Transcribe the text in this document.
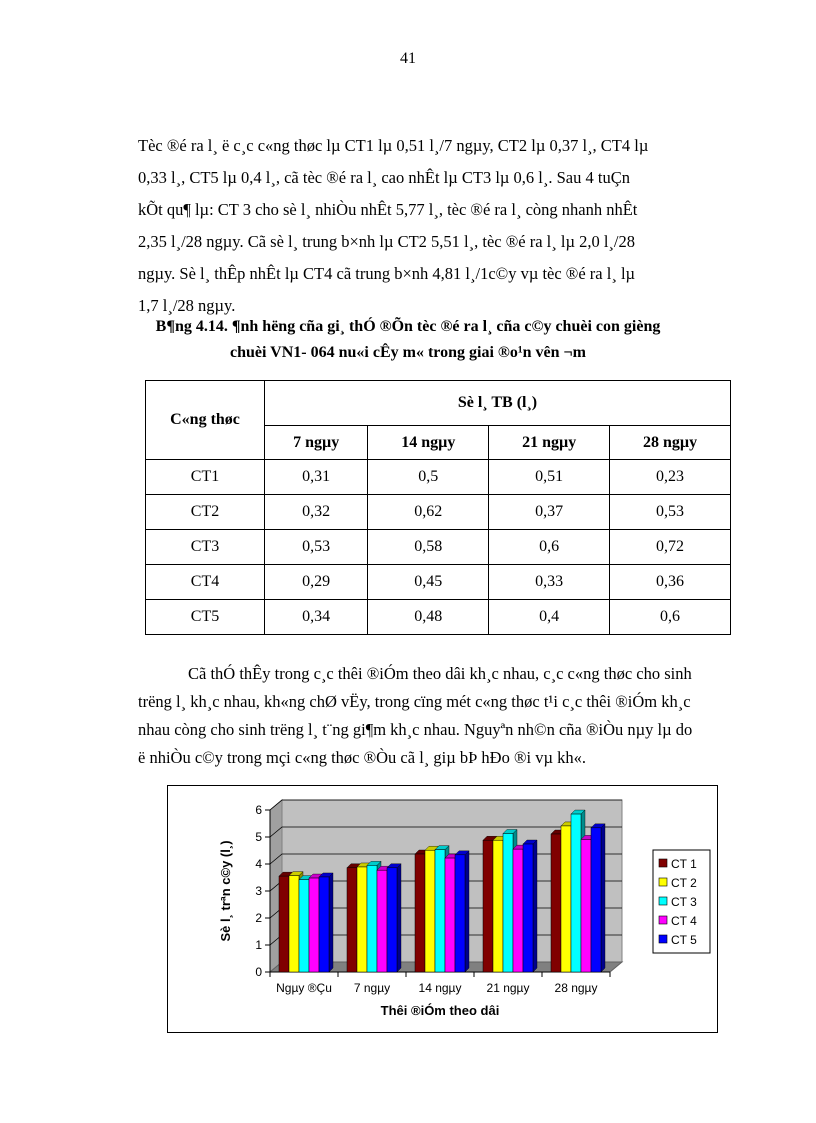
41
Tèc ®é ra l¸ ë c¸c c«ng thøc lµ CT1 lµ 0,51 l¸/7 ngµy, CT2 lµ 0,37 l¸, CT4 lµ
0,33 l¸, CT5 lµ 0,4 l¸, cã tèc ®é ra l¸ cao nhÊt lµ CT3 lµ 0,6 l¸. Sau 4 tuÇn
kÕt qu¶ lµ: CT 3 cho sè l¸ nhiÒu nhÊt 5,77 l¸, tèc ®é ra l¸ còng nhanh nhÊt
2,35 l¸/28 ngµy. Cã sè l¸ trung b×nh lµ CT2 5,51 l¸, tèc ®é ra l¸ lµ 2,0 l¸/28
ngµy. Sè l¸ thÊp nhÊt lµ CT4 cã trung b×nh 4,81 l¸/1c©y vµ tèc ®é ra l¸ lµ
1,7 l¸/28 ngµy.
B¶ng 4.14. ¶nh hëng cña gi¸ thÓ ®Õn tèc ®é ra l¸ cña c©y chuèi con gièng
chuèi VN1- 064 nu«i cÊy m« trong giai ®o¹n vên ¬m
C«ng thøc	Sè l¸ TB (l¸)			
	7 ngµy	14 ngµy	21 ngµy	28 ngµy
CT1	0,31	0,5	0,51	0,23
CT2	0,32	0,62	0,37	0,53
CT3	0,53	0,58	0,6	0,72
CT4	0,29	0,45	0,33	0,36
CT5	0,34	0,48	0,4	0,6
Cã thÓ thÊy trong c¸c thêi ®iÓm theo dâi kh¸c nhau, c¸c c«ng thøc cho sinh
trëng l¸ kh¸c nhau, kh«ng chØ vËy, trong cïng mét c«ng thøc t¹i c¸c thêi ®iÓm kh¸c
nhau còng cho sinh trëng l¸ t¨ng gi¶m kh¸c nhau. Nguyªn nh©n cña ®iÒu nµy lµ do
ë nhiÒu c©y trong mçi c«ng thøc ®Òu cã l¸ giµ bÞ hÐo ®i vµ kh«.
0
1
2
3
4
5
6
Ngµy ®Çu 7 ngµy 14 ngµy 21 ngµy 28 ngµy
Thêi ®iÓm theo dâi
Sè l¸ trªn c©y (l¸)	CT 1
CT 2
CT 3
CT 4
CT 5
